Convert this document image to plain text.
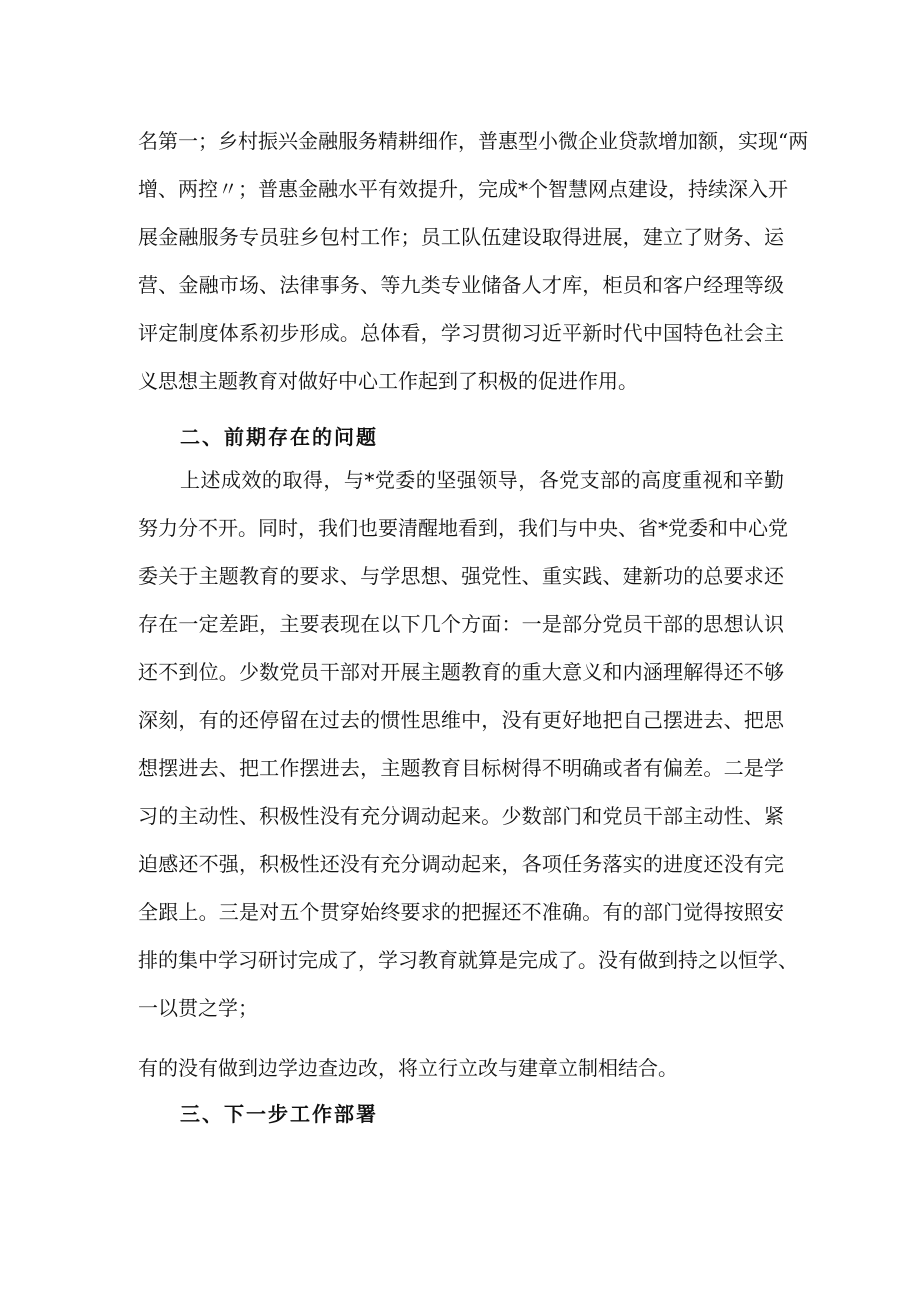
名第一；乡村振兴金融服务精耕细作，普惠型小微企业贷款增加额，实现“两
增、两控〃；普惠金融水平有效提升，完成*个智慧网点建设，持续深入开
展金融服务专员驻乡包村工作；员工队伍建设取得进展，建立了财务、运
营、金融市场、法律事务、等九类专业储备人才库，柜员和客户经理等级
评定制度体系初步形成。总体看，学习贯彻习近平新时代中国特色社会主
义思想主题教育对做好中心工作起到了积极的促进作用。
二、前期存在的问题
上述成效的取得，与*党委的坚强领导，各党支部的高度重视和辛勤
努力分不开。同时，我们也要清醒地看到，我们与中央、省*党委和中心党
委关于主题教育的要求、与学思想、强党性、重实践、建新功的总要求还
存在一定差距，主要表现在以下几个方面：一是部分党员干部的思想认识
还不到位。少数党员干部对开展主题教育的重大意义和内涵理解得还不够
深刻，有的还停留在过去的惯性思维中，没有更好地把自己摆进去、把思
想摆进去、把工作摆进去，主题教育目标树得不明确或者有偏差。二是学
习的主动性、积极性没有充分调动起来。少数部门和党员干部主动性、紧
迫感还不强，积极性还没有充分调动起来，各项任务落实的进度还没有完
全跟上。三是对五个贯穿始终要求的把握还不准确。有的部门觉得按照安
排的集中学习研讨完成了，学习教育就算是完成了。没有做到持之以恒学、
一以贯之学；
有的没有做到边学边查边改，将立行立改与建章立制相结合。
三、下一步工作部署
